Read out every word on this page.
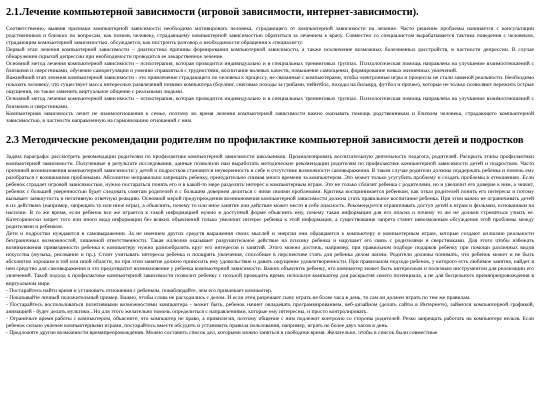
2.1.Лечение компьютерной зависимости (игровой зависимости, интернет-зависимости).

Соответственно, выявив признаки компьютерной зависимости необходимо мотивировать человека, страдающего от компьютерной зависимости на лечение. Часто решение проблемы начинается с консультации родственников и близких по вопросам, как помочь человеку, страдающему компьютерной зависимостью обратиться за лечением к врачу. Совместно со специалистом вырабатывается тактика поведения с человеком, страдающим компьютерной зависимостью, обсуждается, как построить разговор о необходимости обращения к специалисту.

Первый этап лечения компьютерной зависимости – диагностика причины формирования компьютерной зависимости, а также исключение возможных болезненных расстройств, в частности депрессии. В случае обнаружения скрытой депрессии при необходимости проводится ее лекарственное лечение.

Основной метод лечения компьютерной зависимости – психотерапия, которая проводится индивидуально и в специальных тренинговых группах. Психологическая помощь направлена на улучшение взаимоотношений с близкими и сверстниками, обучение саморегуляции и умению справляться с трудностями, воспитание волевых качеств, повышение самооценки, формирование новых жизненных увлечений.

Важнейший этап лечения компьютерной зависимости - это привлечение страдающего по человека к процессу, не связанные с компьютерами, чтобы электронные игры и процессы не стали заменой реальности. Необходимо показать человеку, что существует масса интересных развлечений помимо компьютера (боулинг, снеговые походы за грибами, пейнтбол, походы на бильярд, футбол и прочее), которые не только позволяют пережить острые ощущения, но также заменить виртуальное общение с реальными людьми.

Основной метод лечения компьютерной зависимости – психотерапия, которая проводится индивидуально и в специальных тренинговых группах. Психологическая помощь направлена на улучшение взаимоотношений с близкими и сверстниками.

Компьютерная зависимость лечит не взаимоотношения к семье, поэтому во время лечения компьютерной зависимости важно оказывать помощь родственникам и близким человека, страдающего компьютерной зависимостью, в частности направленную на гармонизацию отношений с ним.

2.3 Методические рекомендации родителям по профилактике компьютерной зависимости детей и подростков

Задача параграфа: рассмотреть рекомендации родителям по профилактике компьютерной зависимости школьников. Проанализировать воспитательную деятельность педагога, родителей. Раскрыть этапы профилактики компьютерной зависимости. Полученные в результате исследования, данные позволили нам выработать методические рекомендации родителям по профилактике компьютерной зависимости детей и подростков. Часто причиной возникновения компьютерной зависимости у детей и подростков становится неуверенность в себе и отсутствие возможности самовыражения. В таком случае родители должны поддержать ребенка и помочь ему разобраться с возникшими проблемами. Абсолютно неправильно запрещать ребенку, принудительно снимая много времени за компьютером. Это может только усугубить проблему и создать проблемы в отношениях. Если ребенок страдает игровой зависимостью, нужно постараться понять его и в какой-то мере разделить интерес к компьютерным играм. Это не только сблизит ребенка с родителями, но и увеличит его доверие к ним, а значит, ребенок с большей уверенностью будет следовать советам родителей и с большим доверием делиться с ними своими проблемами. Критика воспринимается ребенком, как отказ родителей понять его интересы и потому вызывает замкнутость и негативную ответную реакцию. Основной мерой предупреждения возникновения компьютерной зависимости должна стать правильное воспитание ребенка. При этом важно не ограничивать детей в их действиях (например, запрещать то или иное игры), а объяснять, почему то или иное занятие или действие может нести в себе опасность. Рекомендуется ограничивать доступ детей к играм и фильмам, основанным на насилии. В то же время, если ребенок все же играется к такой информацией нужно в доступной форме объяснить ему, почему такая информация для его опасна и почему то же не должен стремиться узнать ее. Категорически запрет того или иного вида информации без всяких объяснений только увеличит интерес ребенка к этой информации, а существование запрета станет невозможным обсуждение этой проблемы между родителями и ребенком.

Дети и подростки нуждаются в самовыражении. За не имением других средств выражения своих мыслей и энергии они обращаются к компьютеру и компьютерным играм, которые создают иллюзию реальности безграничных возможностей, лишенной ответственности. Такая иллюзия оказывает разрушительное действие на психику ребенка и нарушает его связь с родителями и сверстниками. Для этого чтобы избежать возникновения привязанности ребенка к компьютеру нужно разнообразить круг его интересов и занятий. Этого можно достичь, например, при правильном подборе подарков ребенку при помощи различных видов искусства (музыка, рисование и пр.). Стоит учитывать интересы ребенка и поощрять увлечения, способные в перспективе стать для ребенка делом жизни. Родители должны понимать, что ребенок может и не быть абсолютно хорошим в той или иной области, но при этом занятие должно приносить ему удовольствие и давать ощущение удовлетворенности. При правильном подходе ребенок, у которого есть любимое занятие, найдет в нем средство для самовыражения и это предотвратит возникновение у ребенка компьютерной зависимости. Важно объяснить ребенку, что компьютер может быть интересным и полезным инструментом для реализации его увлечений. Такой подход к профилактике компьютерной зависимости позволит ребенку с пользой проводить время, используя компьютер для раскрытия своего потенциала, а не для бесцельного времяпрепровождения в виртуальном мире.

- Постарайтесь найти время и установить отношения с ребенком, понаблюдайте, чем его привлекает компьютер.

- Показывайте личный положительный пример. Важно, чтобы слова не расходились с делом. И если отец разрешает сыну играть не более часа в день, то сам он должен играть по тем же правилам.

- Постарайтесь воспользоваться позитивными возможностями компьютера - может быть, ребенок начнет овладевать программированием, веб-дизайном (делать сайты в Интернете), займется компьютерной графикой, анимацией - будет делать мультики...Но для этого желательно помочь определиться с направлениями, которые ему интересны, и просто контролировать.

- Ограничьте время работы с компьютером, объясните, что компьютер не право, а привилегия, поэтому общение с ним подлежит контролю со стороны родителей. Резко запрещать работать на компьютере нельзя. Если ребенок сильно увлечен компьютерными играми, постарайтесь вместе обсудить и установить правила пользования, например, играть не более двух часов в день.

- Предложите другие возможности времяпрепровождения. Можно составить список дел, которыми можно заняться в свободное время. Желательно, чтобы в список были совместные
